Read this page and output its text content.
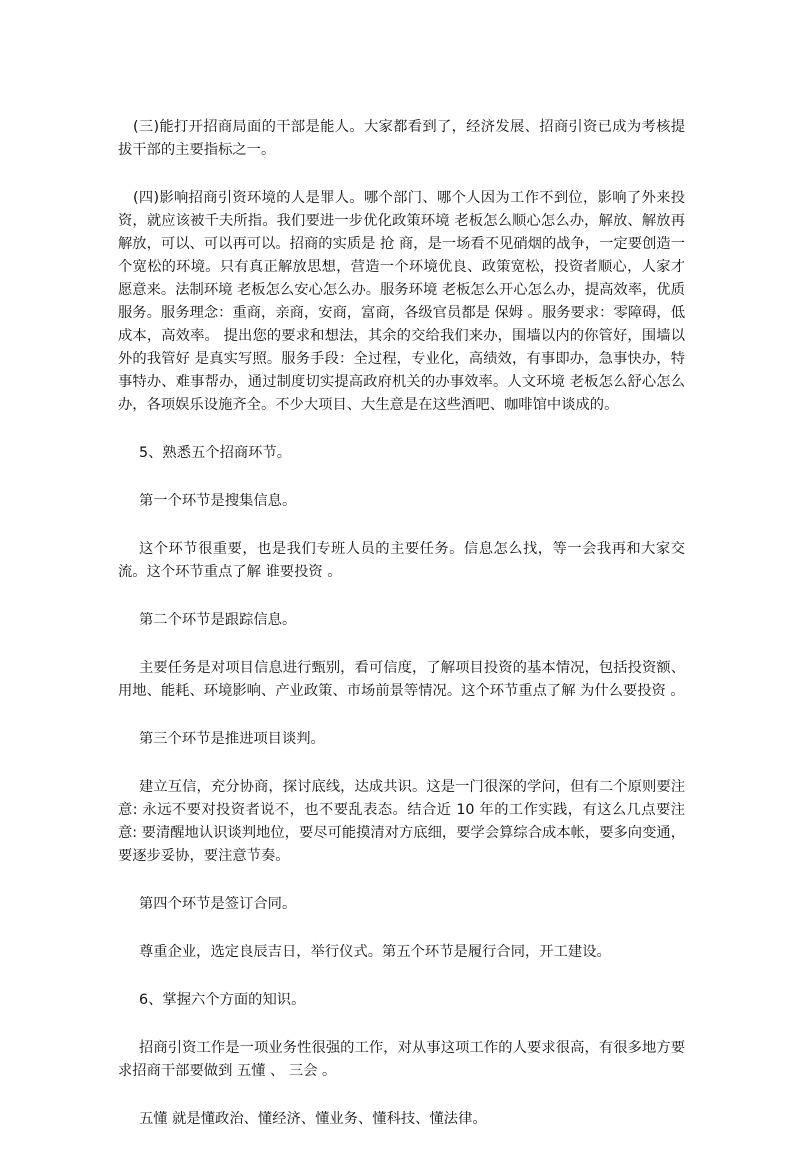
(三)能打开招商局面的干部是能人。大家都看到了，经济发展、招商引资已成为考核提拔干部的主要指标之一。

(四)影响招商引资环境的人是罪人。哪个部门、哪个人因为工作不到位，影响了外来投资，就应该被千夫所指。我们要进一步优化政策环境 老板怎么顺心怎么办，解放、解放再解放，可以、可以再可以。招商的实质是 抢 商，是一场看不见硝烟的战争，一定要创造一个宽松的环境。只有真正解放思想，营造一个环境优良、政策宽松，投资者顺心，人家才愿意来。法制环境 老板怎么安心怎么办。服务环境 老板怎么开心怎么办，提高效率，优质服务。服务理念：重商，亲商，安商，富商，各级官员都是 保姆 。服务要求：零障碍，低成本，高效率。 提出您的要求和想法，其余的交给我们来办，围墙以内的你管好，围墙以外的我管好 是真实写照。服务手段：全过程，专业化，高绩效，有事即办，急事快办，特事特办、难事帮办，通过制度切实提高政府机关的办事效率。人文环境 老板怎么舒心怎么办，各项娱乐设施齐全。不少大项目、大生意是在这些酒吧、咖啡馆中谈成的。

5、熟悉五个招商环节。

第一个环节是搜集信息。

这个环节很重要，也是我们专班人员的主要任务。信息怎么找，等一会我再和大家交流。这个环节重点了解 谁要投资 。

第二个环节是跟踪信息。

主要任务是对项目信息进行甄别，看可信度，了解项目投资的基本情况，包括投资额、用地、能耗、环境影响、产业政策、市场前景等情况。这个环节重点了解 为什么要投资 。

第三个环节是推进项目谈判。

建立互信，充分协商，探讨底线，达成共识。这是一门很深的学问，但有二个原则要注意: 永远不要对投资者说不，也不要乱表态。结合近 10 年的工作实践，有这么几点要注意: 要清醒地认识谈判地位，要尽可能摸清对方底细，要学会算综合成本帐，要多向变通，要逐步妥协，要注意节奏。

第四个环节是签订合同。

尊重企业，选定良辰吉日，举行仪式。第五个环节是履行合同，开工建设。

6、掌握六个方面的知识。

招商引资工作是一项业务性很强的工作，对从事这项工作的人要求很高，有很多地方要求招商干部要做到 五懂 、 三会 。

五懂 就是懂政治、懂经济、懂业务、懂科技、懂法律。
